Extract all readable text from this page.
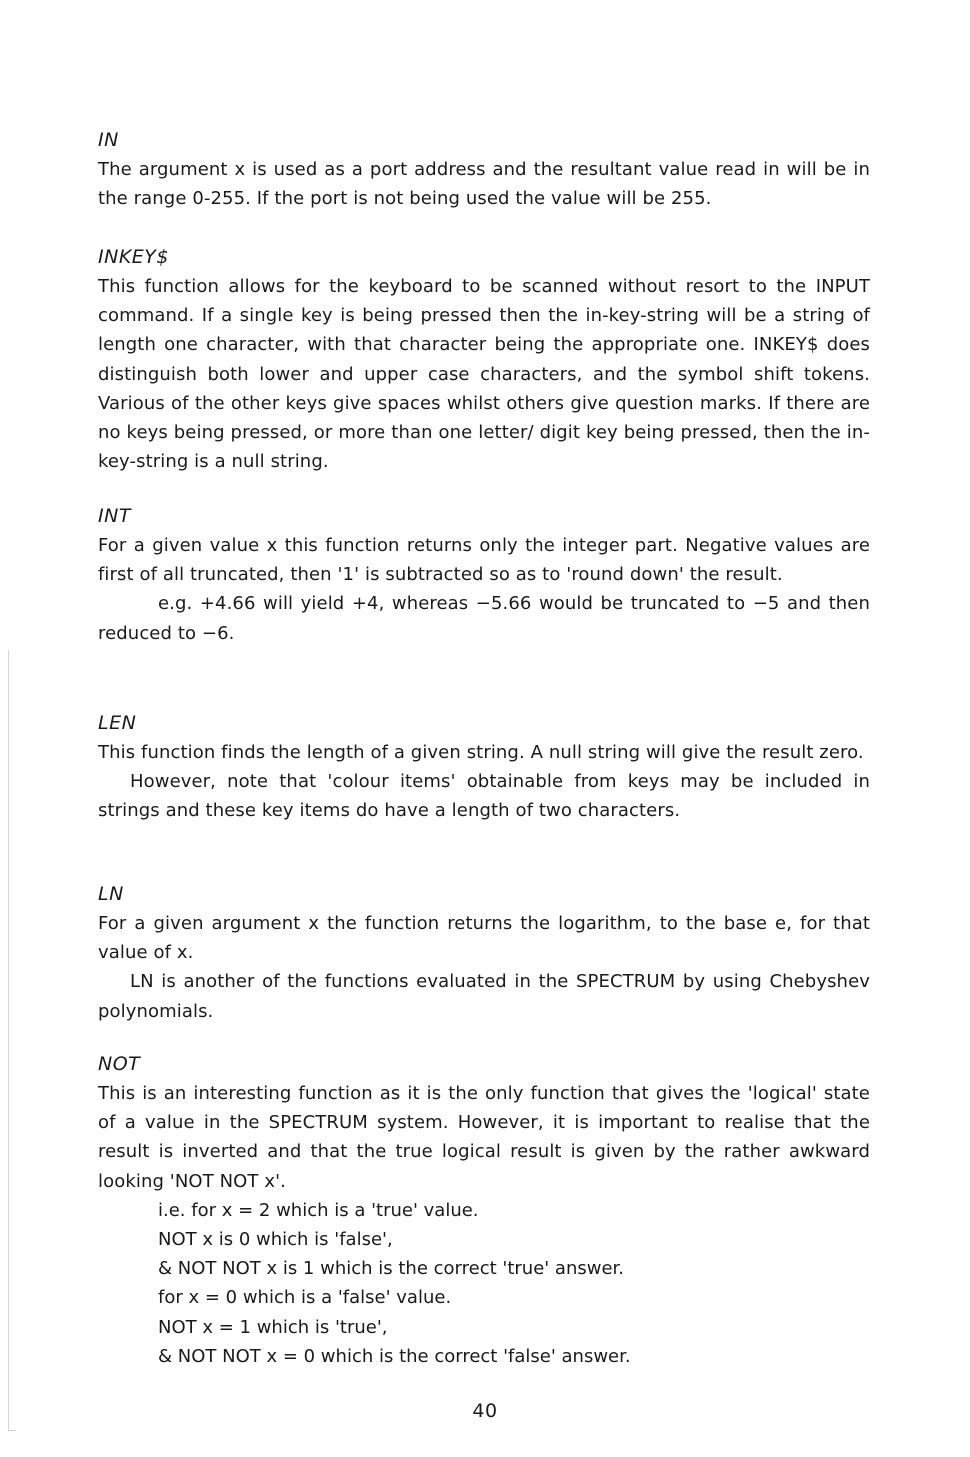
IN

The argument x is used as a port address and the resultant value read in will be in the range 0-255. If the port is not being used the value will be 255.

INKEY$

This function allows for the keyboard to be scanned without resort to the INPUT command. If a single key is being pressed then the in-key-string will be a string of length one character, with that character being the appropriate one. INKEY$ does distinguish both lower and upper case characters, and the symbol shift tokens. Various of the other keys give spaces whilst others give question marks. If there are no keys being pressed, or more than one letter/ digit key being pressed, then the in-key-string is a null string.

INT

For a given value x this function returns only the integer part. Negative values are first of all truncated, then '1' is subtracted so as to 'round down' the result.

e.g. +4.66 will yield +4, whereas −5.66 would be truncated to −5 and then reduced to −6.

LEN

This function finds the length of a given string. A null string will give the result zero.

However, note that 'colour items' obtainable from keys may be included in strings and these key items do have a length of two characters.

LN

For a given argument x the function returns the logarithm, to the base e, for that value of x.

LN is another of the functions evaluated in the SPECTRUM by using Chebyshev polynomials.

NOT

This is an interesting function as it is the only function that gives the 'logical' state of a value in the SPECTRUM system. However, it is important to realise that the result is inverted and that the true logical result is given by the rather awkward looking 'NOT NOT x'.

i.e. for x = 2 which is a 'true' value.

NOT x is 0 which is 'false',

& NOT NOT x is 1 which is the correct 'true' answer.

for x = 0 which is a 'false' value.

NOT x = 1 which is 'true',

& NOT NOT x = 0 which is the correct 'false' answer.

40
